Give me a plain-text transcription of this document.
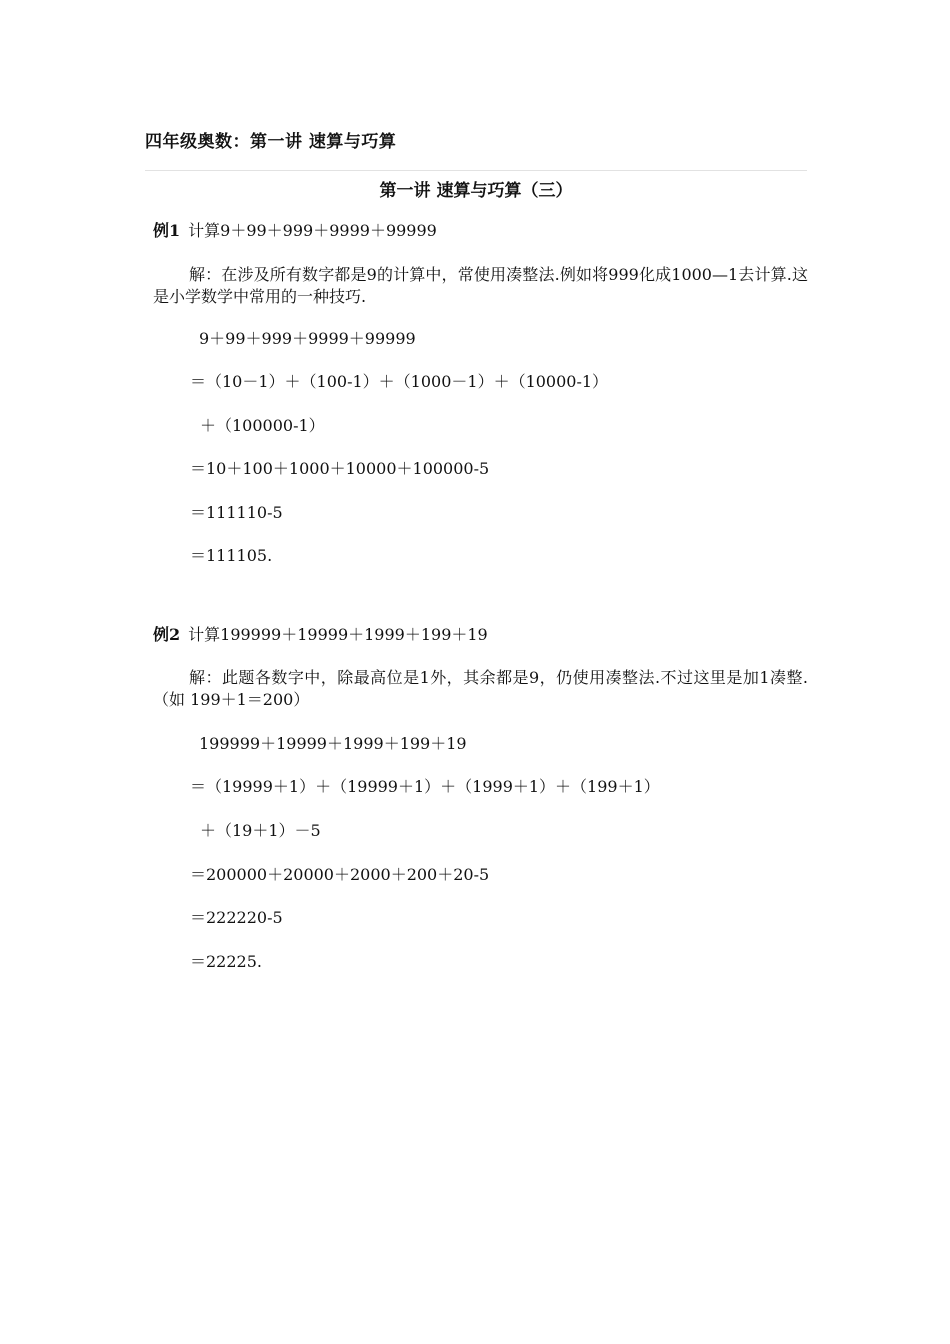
四年级奥数：第一讲 速算与巧算
第一讲 速算与巧算（三）
例1 计算9＋99＋999＋9999＋99999
解：在涉及所有数字都是9的计算中，常使用凑整法.例如将999化成1000—1去计算.这是小学数学中常用的一种技巧.
9＋99＋999＋9999＋99999
＝（10－1）＋（100-1）＋（1000－1）＋（10000-1）
＋（100000-1）
＝10＋100＋1000＋10000＋100000-5
＝111110-5
＝111105.
例2 计算199999＋19999＋1999＋199＋19
解：此题各数字中，除最高位是1外，其余都是9，仍使用凑整法.不过这里是加1凑整.（如 199＋1＝200）
199999＋19999＋1999＋199＋19
＝（19999＋1）＋（19999＋1）＋（1999＋1）＋（199＋1）
＋（19＋1）－5
＝200000＋20000＋2000＋200＋20-5
＝222220-5
＝22225.
